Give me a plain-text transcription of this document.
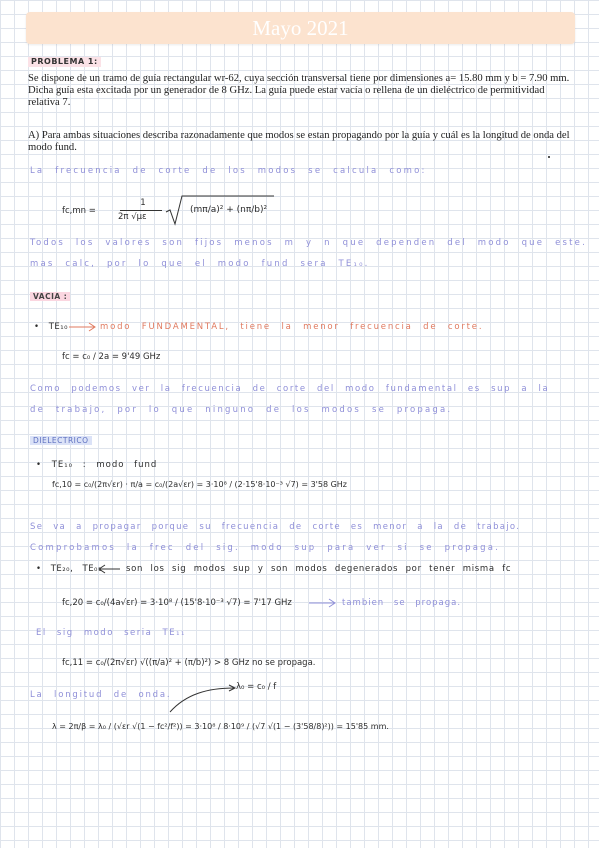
Mayo 2021
PROBLEMA 1:
Se dispone de un tramo de guía rectangular wr-62, cuya sección transversal tiene por dimensiones a= 15.80 mm y b = 7.90 mm. Dicha guía esta excitada por un generador de 8 GHz. La guía puede estar vacía o rellena de un dieléctrico de permitividad relativa 7.
A) Para ambas situaciones describa razonadamente que modos se estan propagando por la guía y cuál es la longitud de onda del modo fund.
La frecuencia de corte de los modos se calcula como:
fc,mn =
1
2π √με
(mπ/a)² + (nπ/b)²
Todos los valores son fijos menos m y n que dependen del modo que este.
mas calc, por lo que el modo fund sera TE₁₀.
VACIA :
• TE₁₀	modo FUNDAMENTAL, tiene la menor frecuencia de corte.
fc = c₀ / 2a = 9'49 GHz
Como podemos ver la frecuencia de corte del modo fundamental es sup a la
de trabajo, por lo que ninguno de los modos se propaga.
DIELECTRICO
• TE₁₀ : modo fund
fc,10 = c₀/(2π√εr) · π/a = c₀/(2a√εr) = 3·10⁸ / (2·15'8·10⁻³ √7) = 3'58 GHz
Se va a propagar porque su frecuencia de corte es menor a la de trabajo.
Comprobamos la frec del sig. modo sup para ver si se propaga.
• TE₂₀, TE₀₁	son los sig modos sup y son modos degenerados por tener misma fc
fc,20 = c₀/(4a√εr) = 3·10⁸ / (15'8·10⁻³ √7) = 7'17 GHz	tambien se propaga.
El sig modo seria TE₁₁
fc,11 = c₀/(2π√εr) √((π/a)² + (π/b)²) > 8 GHz no se propaga.
La longitud de onda.
λ₀ = c₀ / f
λ = 2π/β = λ₀ / (√εr √(1 − fc²/f²)) = 3·10⁸ / 8·10⁹ / (√7 √(1 − (3'58/8)²)) = 15'85 mm.
